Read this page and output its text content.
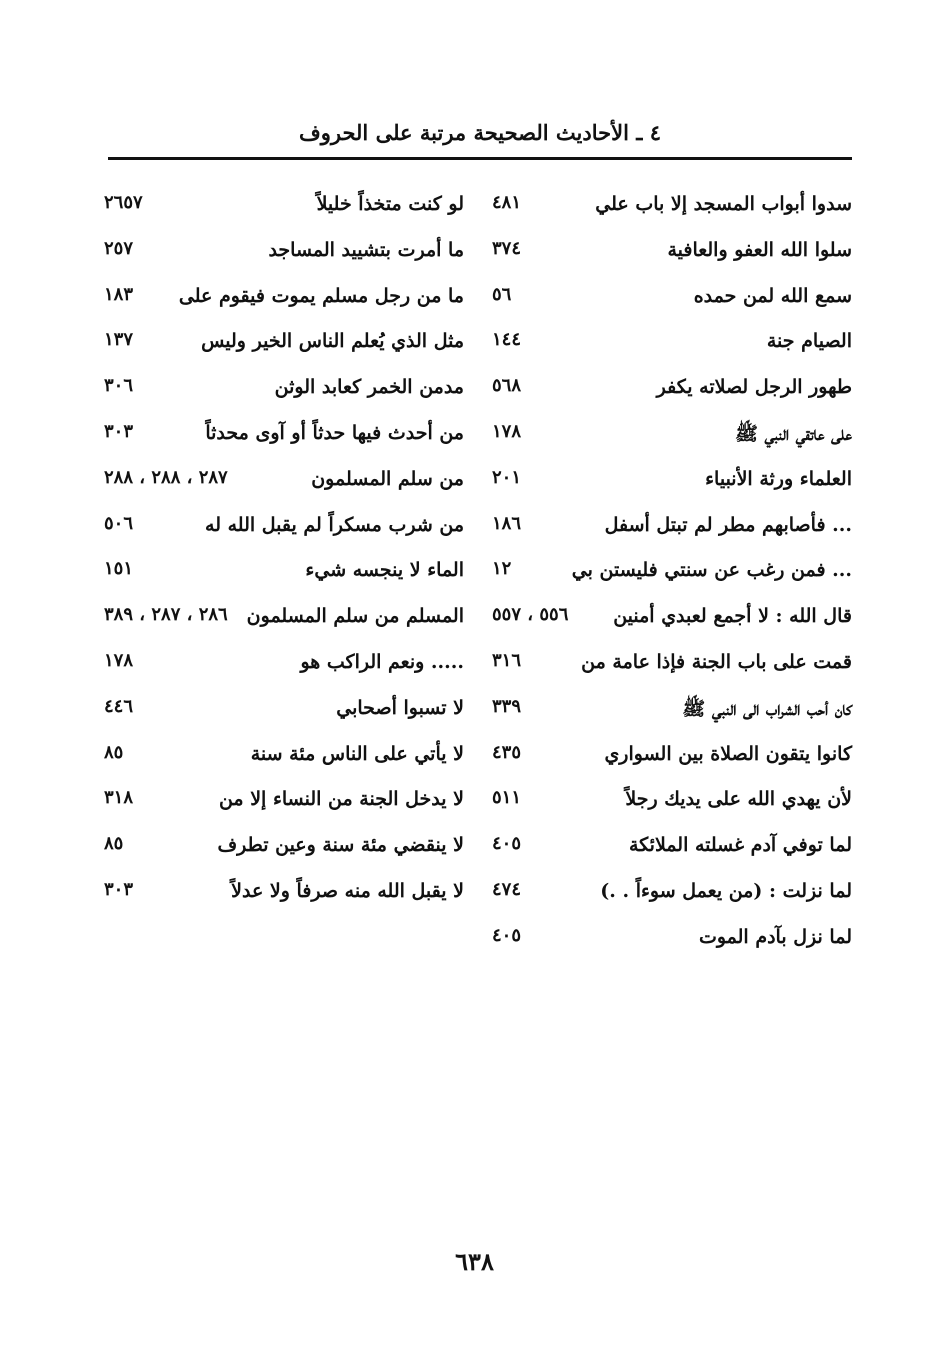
٤ ـ الأحاديث الصحيحة مرتبة على الحروف
سدوا أبواب المسجد إلا باب علي
٤٨١
سلوا الله العفو والعافية
٣٧٤
سمع الله لمن حمده
٥٦
الصيام جنة
١٤٤
طهور الرجل لصلاته يكفر
٥٦٨
على عاتقي النبي ﷺ
١٧٨
العلماء ورثة الأنبياء
٢٠١
... فأصابهم مطر لم تبتل أسفل
١٨٦
... فمن رغب عن سنتي فليستن بي
١٢
قال الله : لا أجمع لعبدي أمنين
٥٥٦ ، ٥٥٧
قمت على باب الجنة فإذا عامة من
٣١٦
كان أحب الشراب الى النبي ﷺ
٣٣٩
كانوا يتقون الصلاة بين السواري
٤٣٥
لأن يهدي الله على يديك رجلاً
٥١١
لما توفي آدم غسلته الملائكة
٤٠٥
لما نزلت : (من يعمل سوءاً . .)
٤٧٤
لما نزل بآدم الموت
٤٠٥
لو كنت متخذاً خليلاً
٢٦٥٧
ما أمرت بتشييد المساجد
٢٥٧
ما من رجل مسلم يموت فيقوم على
١٨٣
مثل الذي يُعلم الناس الخير وليس
١٣٧
مدمن الخمر كعابد الوثن
٣٠٦
من أحدث فيها حدثاً أو آوى محدثاً
٣٠٣
من سلم المسلمون
٢٨٧ ، ٢٨٨ ، ٢٨٨
من شرب مسكراً لم يقبل الله له
٥٠٦
الماء لا ينجسه شيء
١٥١
المسلم من سلم المسلمون
٢٨٦ ، ٢٨٧ ، ٣٨٩
..... ونعم الراكب هو
١٧٨
لا تسبوا أصحابي
٤٤٦
لا يأتي على الناس مئة سنة
٨٥
لا يدخل الجنة من النساء إلا من
٣١٨
لا ينقضي مئة سنة وعين تطرف
٨٥
لا يقبل الله منه صرفاً ولا عدلاً
٣٠٣
٦٣٨
